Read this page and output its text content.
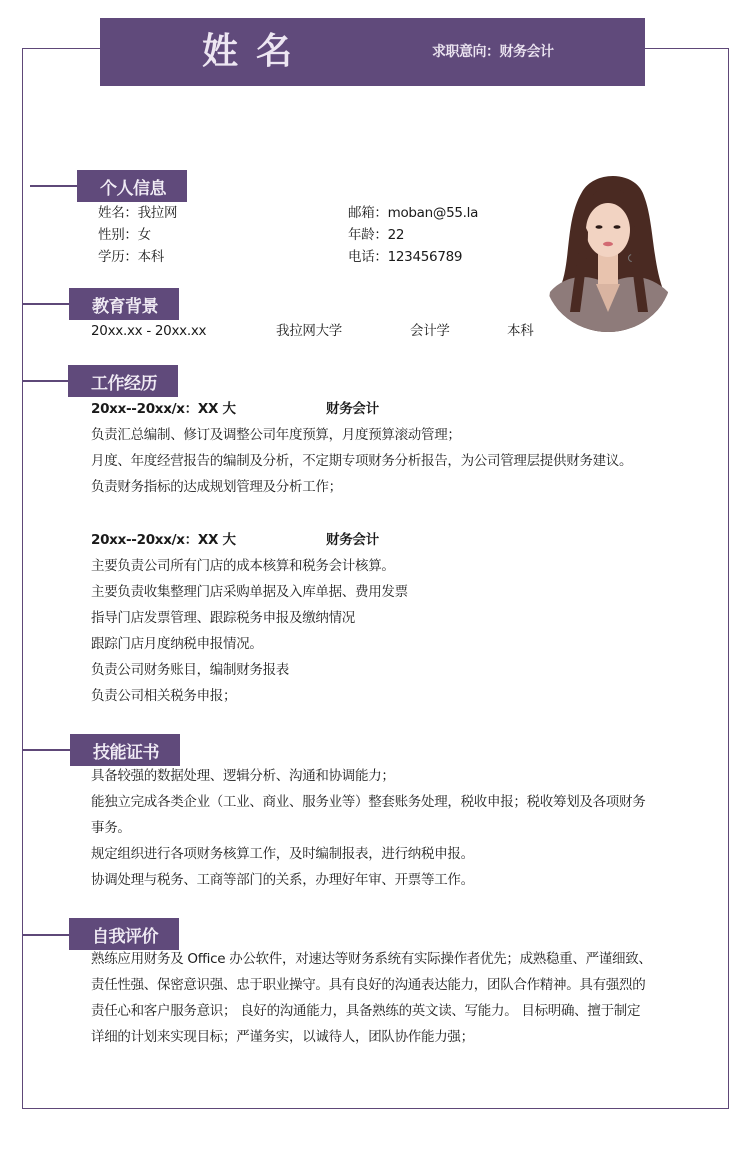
姓名	求职意向：财务会计
个人信息
姓名：我拉网
性别：女
学历：本科
邮箱：moban@55.la
年龄：22
电话：123456789
教育背景
20xx.xx - 20xx.xx	我拉网大学	会计学	本科
工作经历
20xx--20xx/x：XX 大	财务会计
负责汇总编制、修订及调整公司年度预算，月度预算滚动管理；
月度、年度经营报告的编制及分析，不定期专项财务分析报告，为公司管理层提供财务建议。
负责财务指标的达成规划管理及分析工作；
20xx--20xx/x：XX 大	财务会计
主要负责公司所有门店的成本核算和税务会计核算。
主要负责收集整理门店采购单据及入库单据、费用发票
指导门店发票管理、跟踪税务申报及缴纳情况
跟踪门店月度纳税申报情况。
负责公司财务账目，编制财务报表
负责公司相关税务申报；
技能证书
具备较强的数据处理、逻辑分析、沟通和协调能力；
能独立完成各类企业（工业、商业、服务业等）整套账务处理，税收申报；税收筹划及各项财务
事务。
规定组织进行各项财务核算工作，及时编制报表，进行纳税申报。
协调处理与税务、工商等部门的关系，办理好年审、开票等工作。
自我评价
熟练应用财务及 Office 办公软件，对速达等财务系统有实际操作者优先；成熟稳重、严谨细致、
责任性强、保密意识强、忠于职业操守。具有良好的沟通表达能力，团队合作精神。具有强烈的
责任心和客户服务意识； 良好的沟通能力，具备熟练的英文读、写能力。 目标明确、擅于制定
详细的计划来实现目标；严谨务实，以诚待人，团队协作能力强；
